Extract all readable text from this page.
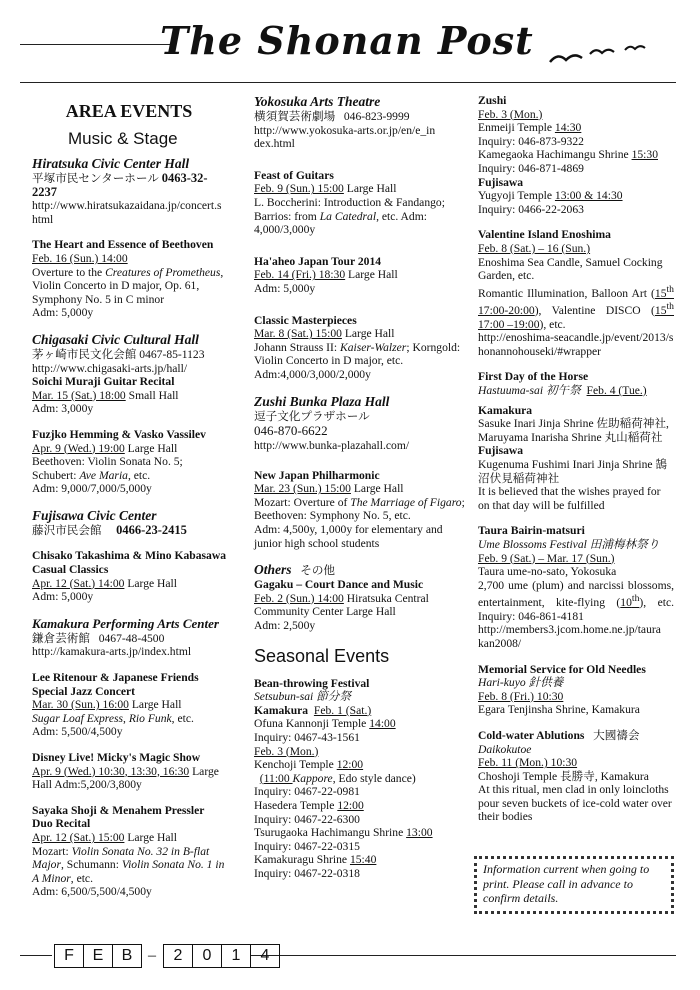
The Shonan Post
AREA EVENTS
Music & Stage

Hiratsuka Civic Center Hall

平塚市民センターホール 0463-32-2237

http://www.hiratsukazaidana.jp/concert.s html

The Heart and Essence of Beethoven

Feb. 16 (Sun.) 14:00

Overture to the Creatures of Prometheus, Violin Concerto in D major, Op. 61, Symphony No. 5 in C minor

Adm: 5,000y

Chigasaki Civic Cultural Hall

茅ヶ崎市民文化会館 0467-85-1123

http://www.chigasaki-arts.jp/hall/

Soichi Muraji Guitar Recital

Mar. 15 (Sat.) 18:00 Small Hall

Adm: 3,000y

Fuzjko Hemming & Vasko Vassilev

Apr. 9 (Wed.) 19:00 Large Hall

Beethoven: Violin Sonata No. 5; Schubert: Ave Maria, etc.

Adm: 9,000/7,000/5,000y

Fujisawa Civic Center

藤沢市民会館 0466-23-2415

Chisako Takashima & Mino Kabasawa Casual Classics

Apr. 12 (Sat.) 14:00 Large Hall

Adm: 5,000y

Kamakura Performing Arts Center

鎌倉芸術館 0467-48-4500

http://kamakura-arts.jp/index.html

Lee Ritenour & Japanese Friends Special Jazz Concert

Mar. 30 (Sun.) 16:00 Large Hall

Sugar Loaf Express, Rio Funk, etc.

Adm: 5,500/4,500y

Disney Live! Micky's Magic Show

Apr. 9 (Wed.) 10:30, 13:30, 16:30 Large Hall Adm:5,200/3,800y

Sayaka Shoji & Menahem Pressler Duo Recital

Apr. 12 (Sat.) 15:00 Large Hall

Mozart: Violin Sonata No. 32 in B-flat Major, Schumann: Violin Sonata No. 1 in A Minor, etc.

Adm: 6,500/5,500/4,500y

Yokosuka Arts Theatre

横須賀芸術劇場 046-823-9999

http://www.yokosuka-arts.or.jp/en/e_in dex.html

Feast of Guitars

Feb. 9 (Sun.) 15:00 Large Hall

L. Boccherini: Introduction & Fandango; Barrios: from La Catedral, etc. Adm: 4,000/3,000y

Ha'aheo Japan Tour 2014

Feb. 14 (Fri.) 18:30 Large Hall

Adm: 5,000y

Classic Masterpieces

Mar. 8 (Sat.) 15:00 Large Hall

Johann Strauss II: Kaiser-Walzer; Korngold: Violin Concerto in D major, etc. Adm:4,000/3,000/2,000y

Zushi Bunka Plaza Hall

逗子文化プラザホール

046-870-6622

http://www.bunka-plazahall.com/

New Japan Philharmonic

Mar. 23 (Sun.) 15:00 Large Hall

Mozart: Overture of The Marriage of Figaro; Beethoven: Symphony No. 5, etc.

Adm: 4,500y, 1,000y for elementary and junior high school students

Others その他

Gagaku – Court Dance and Music

Feb. 2 (Sun.) 14:00 Hiratsuka Central Community Center Large Hall

Adm: 2,500y

Seasonal Events

Bean-throwing Festival

Setsubun-sai 節分祭

Kamakura Feb. 1 (Sat.)

Ofuna Kannonji Temple 14:00

Inquiry: 0467-43-1561

Feb. 3 (Mon.)

Kenchoji Temple 12:00

(11:00 Kappore, Edo style dance)

Inquiry: 0467-22-0981

Hasedera Temple 12:00

Inquiry: 0467-22-6300

Tsurugaoka Hachimangu Shrine 13:00

Inquiry: 0467-22-0315

Kamakuragu Shrine 15:40

Inquiry: 0467-22-0318

Zushi

Feb. 3 (Mon.)

Enmeiji Temple 14:30

Inquiry: 046-873-9322

Kamegaoka Hachimangu Shrine 15:30

Inquiry: 046-871-4869

Fujisawa

Yugyoji Temple 13:00 & 14:30

Inquiry: 0466-22-2063

Valentine Island Enoshima

Feb. 8 (Sat.) – 16 (Sun.)

Enoshima Sea Candle, Samuel Cocking Garden, etc.

Romantic Illumination, Balloon Art (15th 17:00-20:00), Valentine DISCO (15th 17:00 –19:00), etc.

http://enoshima-seacandle.jp/event/2013/shonannohouseki/#wrapper

First Day of the Horse

Hastuuma-sai 初午祭 Feb. 4 (Tue.)

Kamakura

Sasuke Inari Jinja Shrine 佐助稲荷神社, Maruyama Inarisha Shrine 丸山稲荷社

Fujisawa

Kugenuma Fushimi Inari Jinja Shrine 鵠沼伏見稲荷神社

It is believed that the wishes prayed for on that day will be fulfilled

Taura Bairin-matsuri

Ume Blossoms Festival 田浦梅林祭り

Feb. 9 (Sat.) – Mar. 17 (Sun.)

Taura ume-no-sato, Yokosuka

2,700 ume (plum) and narcissi blossoms, entertainment, kite-flying (10th), etc. Inquiry: 046-861-4181

http://members3.jcom.home.ne.jp/taura kan2008/

Memorial Service for Old Needles

Hari-kuyo 針供養

Feb. 8 (Fri.) 10:30

Egara Tenjinsha Shrine, Kamakura

Cold-water Ablutions 大國禱会

Daikokutoe

Feb. 11 (Mon.) 10:30

Choshoji Temple 長勝寺, Kamakura

At this ritual, men clad in only loincloths pour seven buckets of ice-cold water over their bodies

Information current when going to print. Please call in advance to confirm details.
F	E	B –	2	0	1	4
